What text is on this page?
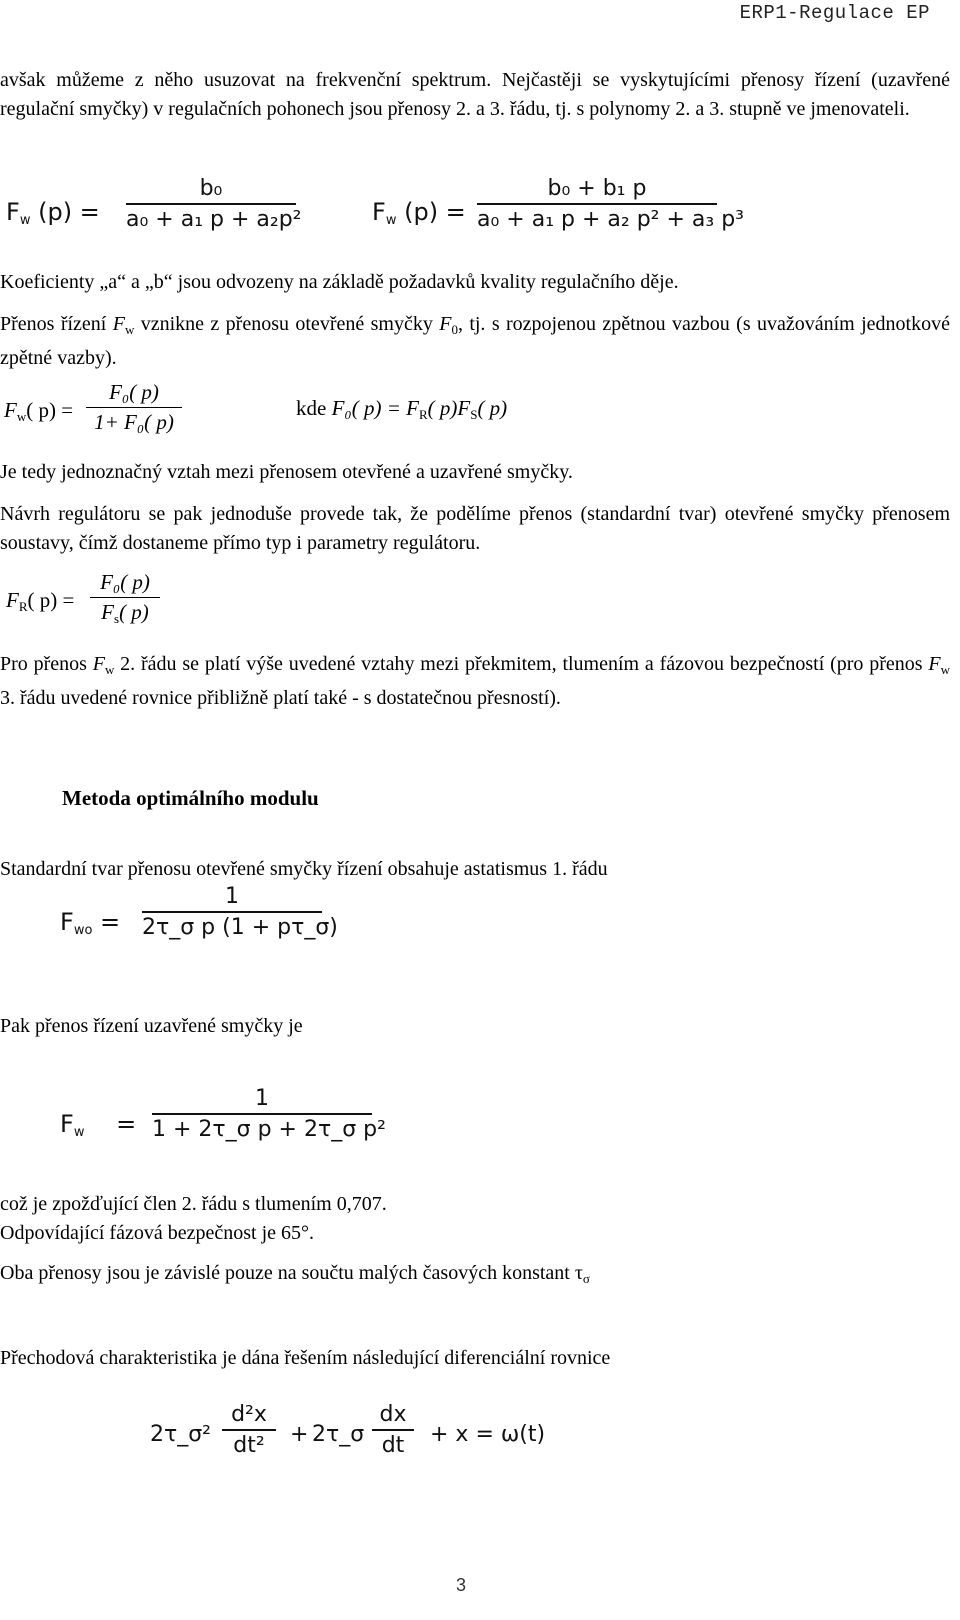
ERP1-Regulace EP
avšak můžeme z něho usuzovat na frekvenční spektrum. Nejčastěji se vyskytujícími přenosy řízení (uzavřené regulační smyčky) v regulačních pohonech jsou přenosy 2. a 3. řádu, tj. s polynomy 2. a 3. stupně ve jmenovateli.
$F_w$ (p) =
b₀
a₀ + a₁ p + a₂p²	$F_w$ (p) =
b₀ + b₁ p
a₀ + a₁ p + a₂ p² + a₃ p³
Koeficienty „a“ a „b“ jsou odvozeny na základě požadavků kvality regulačního děje.
Přenos řízení $F_w$ vznikne z přenosu otevřené smyčky $F_0$, tj. s rozpojenou zpětnou vazbou (s uvažováním jednotkové zpětné vazby).
$F_w$( p) =
F₀( p)
1+ F₀( p)
kde F₀( $p) = F_R$( $p)F_S$( p)
Je tedy jednoznačný vztah mezi přenosem otevřené a uzavřené smyčky.
Návrh regulátoru se pak jednoduše provede tak, že podělíme přenos (standardní tvar) otevřené smyčky přenosem soustavy, čímž dostaneme přímo typ i parametry regulátoru.
$F_R$( p) =
F₀( p)
$F_s$( p)
Pro přenos $F_w$ 2. řádu se platí výše uvedené vztahy mezi překmitem, tlumením a fázovou bezpečností (pro přenos $F_w$ 3. řádu uvedené rovnice přibližně platí také - s dostatečnou přesností).
Metoda optimálního modulu
Standardní tvar přenosu otevřené smyčky řízení obsahuje astatismus 1. řádu
$F_{wo}$ =
1
2τ_σ p (1 + pτ_σ)
Pak přenos řízení uzavřené smyčky je
$F_w$ =
1
1 + 2τ_σ p + 2τ_σ p²
což je zpožďující člen 2. řádu s tlumením 0,707.
Odpovídající fázová bezpečnost je 65°.
Oba přenosy jsou je závislé pouze na součtu malých časových konstant $\tau_\sigma$
Přechodová charakteristika je dána řešením následující diferenciální rovnice
2τ_σ²
d²x
dt²	+ 2τ_σ
dx
dt	+ x = ω(t)
3
